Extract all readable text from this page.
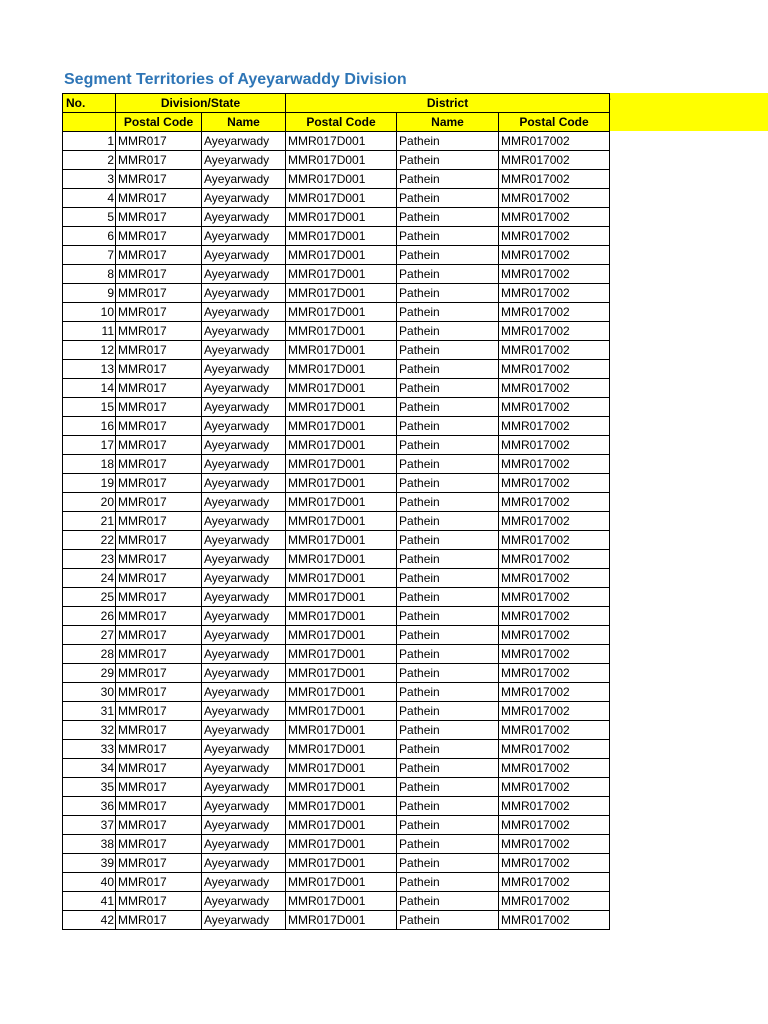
Segment Territories of Ayeyarwaddy Division
No.	Division/State		District		
	Postal Code	Name	Postal Code	Name	Postal Code
1	MMR017	Ayeyarwady	MMR017D001	Pathein	MMR017002
2	MMR017	Ayeyarwady	MMR017D001	Pathein	MMR017002
3	MMR017	Ayeyarwady	MMR017D001	Pathein	MMR017002
4	MMR017	Ayeyarwady	MMR017D001	Pathein	MMR017002
5	MMR017	Ayeyarwady	MMR017D001	Pathein	MMR017002
6	MMR017	Ayeyarwady	MMR017D001	Pathein	MMR017002
7	MMR017	Ayeyarwady	MMR017D001	Pathein	MMR017002
8	MMR017	Ayeyarwady	MMR017D001	Pathein	MMR017002
9	MMR017	Ayeyarwady	MMR017D001	Pathein	MMR017002
10	MMR017	Ayeyarwady	MMR017D001	Pathein	MMR017002
11	MMR017	Ayeyarwady	MMR017D001	Pathein	MMR017002
12	MMR017	Ayeyarwady	MMR017D001	Pathein	MMR017002
13	MMR017	Ayeyarwady	MMR017D001	Pathein	MMR017002
14	MMR017	Ayeyarwady	MMR017D001	Pathein	MMR017002
15	MMR017	Ayeyarwady	MMR017D001	Pathein	MMR017002
16	MMR017	Ayeyarwady	MMR017D001	Pathein	MMR017002
17	MMR017	Ayeyarwady	MMR017D001	Pathein	MMR017002
18	MMR017	Ayeyarwady	MMR017D001	Pathein	MMR017002
19	MMR017	Ayeyarwady	MMR017D001	Pathein	MMR017002
20	MMR017	Ayeyarwady	MMR017D001	Pathein	MMR017002
21	MMR017	Ayeyarwady	MMR017D001	Pathein	MMR017002
22	MMR017	Ayeyarwady	MMR017D001	Pathein	MMR017002
23	MMR017	Ayeyarwady	MMR017D001	Pathein	MMR017002
24	MMR017	Ayeyarwady	MMR017D001	Pathein	MMR017002
25	MMR017	Ayeyarwady	MMR017D001	Pathein	MMR017002
26	MMR017	Ayeyarwady	MMR017D001	Pathein	MMR017002
27	MMR017	Ayeyarwady	MMR017D001	Pathein	MMR017002
28	MMR017	Ayeyarwady	MMR017D001	Pathein	MMR017002
29	MMR017	Ayeyarwady	MMR017D001	Pathein	MMR017002
30	MMR017	Ayeyarwady	MMR017D001	Pathein	MMR017002
31	MMR017	Ayeyarwady	MMR017D001	Pathein	MMR017002
32	MMR017	Ayeyarwady	MMR017D001	Pathein	MMR017002
33	MMR017	Ayeyarwady	MMR017D001	Pathein	MMR017002
34	MMR017	Ayeyarwady	MMR017D001	Pathein	MMR017002
35	MMR017	Ayeyarwady	MMR017D001	Pathein	MMR017002
36	MMR017	Ayeyarwady	MMR017D001	Pathein	MMR017002
37	MMR017	Ayeyarwady	MMR017D001	Pathein	MMR017002
38	MMR017	Ayeyarwady	MMR017D001	Pathein	MMR017002
39	MMR017	Ayeyarwady	MMR017D001	Pathein	MMR017002
40	MMR017	Ayeyarwady	MMR017D001	Pathein	MMR017002
41	MMR017	Ayeyarwady	MMR017D001	Pathein	MMR017002
42	MMR017	Ayeyarwady	MMR017D001	Pathein	MMR017002
